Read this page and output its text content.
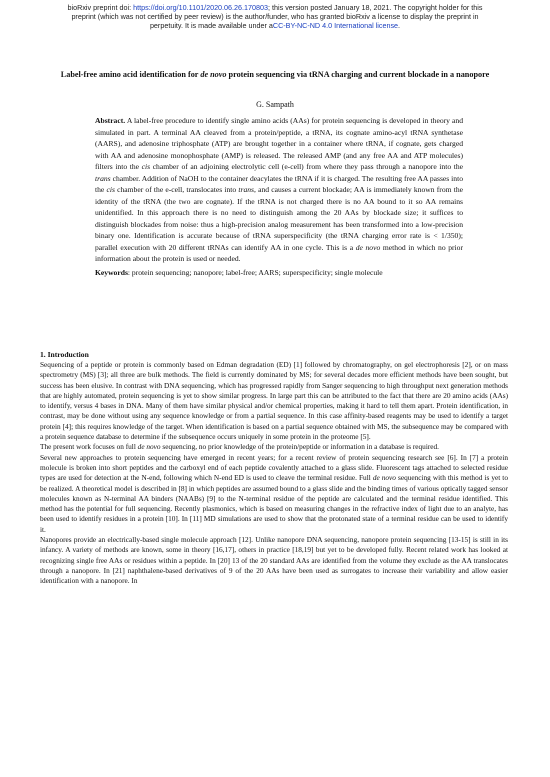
bioRxiv preprint doi: https://doi.org/10.1101/2020.06.26.170803; this version posted January 18, 2021. The copyright holder for this
preprint (which was not certified by peer review) is the author/funder, who has granted bioRxiv a license to display the preprint in
perpetuity. It is made available under aCC-BY-NC-ND 4.0 International license.
Label-free amino acid identification for de novo protein sequencing via tRNA charging and current blockade in a nanopore
G. Sampath
Abstract. A label-free procedure to identify single amino acids (AAs) for protein sequencing is developed in theory and simulated in part. A terminal AA cleaved from a protein/peptide, a tRNA, its cognate amino-acyl tRNA synthetase (AARS), and adenosine triphosphate (ATP) are brought together in a container where tRNA, if cognate, gets charged with AA and adenosine monophosphate (AMP) is released. The released AMP (and any free AA and ATP molecules) filters into the cis chamber of an adjoining electrolytic cell (e-cell) from where they pass through a nanopore into the trans chamber. Addition of NaOH to the container deacylates the tRNA if it is charged. The resulting free AA passes into the cis chamber of the e-cell, translocates into trans, and causes a current blockade; AA is immediately known from the identity of the tRNA (the two are cognate). If the tRNA is not charged there is no AA bound to it so AA remains unidentified. In this approach there is no need to distinguish among the 20 AAs by blockade size; it suffices to distinguish blockades from noise: thus a high-precision analog measurement has been transformed into a low-precision binary one. Identification is accurate because of tRNA superspecificity (the tRNA charging error rate is < 1/350); parallel execution with 20 different tRNAs can identify AA in one cycle. This is a de novo method in which no prior information about the protein is used or needed.
Keywords: protein sequencing; nanopore; label-free; AARS; superspecificity; single molecule
1. Introduction

Sequencing of a peptide or protein is commonly based on Edman degradation (ED) [1] followed by chromatography, on gel electrophoresis [2], or on mass spectrometry (MS) [3]; all three are bulk methods. The field is currently dominated by MS; for several decades more efficient methods have been sought, but success has been elusive. In contrast with DNA sequencing, which has progressed rapidly from Sanger sequencing to high throughput next generation methods that are highly automated, protein sequencing is yet to show similar progress. In large part this can be attributed to the fact that there are 20 amino acids (AAs) to identify, versus 4 bases in DNA. Many of them have similar physical and/or chemical properties, making it hard to tell them apart. Protein identification, in contrast, may be done without using any sequence knowledge or from a partial sequence. In this case affinity-based reagents may be used to identify a target protein [4]; this requires knowledge of the target. When identification is based on a partial sequence obtained with MS, the subsequence may be compared with a protein sequence database to determine if the subsequence occurs uniquely in some protein in the proteome [5].

The present work focuses on full de novo sequencing, no prior knowledge of the protein/peptide or information in a database is required.

Several new approaches to protein sequencing have emerged in recent years; for a recent review of protein sequencing research see [6]. In [7] a protein molecule is broken into short peptides and the carboxyl end of each peptide covalently attached to a glass slide. Fluorescent tags attached to selected residue types are used for detection at the N-end, following which N-end ED is used to cleave the terminal residue. Full de novo sequencing with this method is yet to be realized. A theoretical model is described in [8] in which peptides are assumed bound to a glass slide and the binding times of various optically tagged sensor molecules known as N-terminal AA binders (NAABs) [9] to the N-terminal residue of the peptide are calculated and the terminal residue identified. This method has the potential for full sequencing. Recently plasmonics, which is based on measuring changes in the refractive index of light due to an analyte, has been used to identify residues in a protein [10]. In [11] MD simulations are used to show that the protonated state of a terminal residue can be used to identify it.

Nanopores provide an electrically-based single molecule approach [12]. Unlike nanopore DNA sequencing, nanopore protein sequencing [13-15] is still in its infancy. A variety of methods are known, some in theory [16,17], others in practice [18,19] but yet to be developed fully. Recent related work has looked at recognizing single free AAs or residues within a peptide. In [20] 13 of the 20 standard AAs are identified from the volume they exclude as the AA translocates through a nanopore. In [21] naphthalene-based derivatives of 9 of the 20 AAs have been used as surrogates to increase their variability and allow easier identification with a nanopore. In
